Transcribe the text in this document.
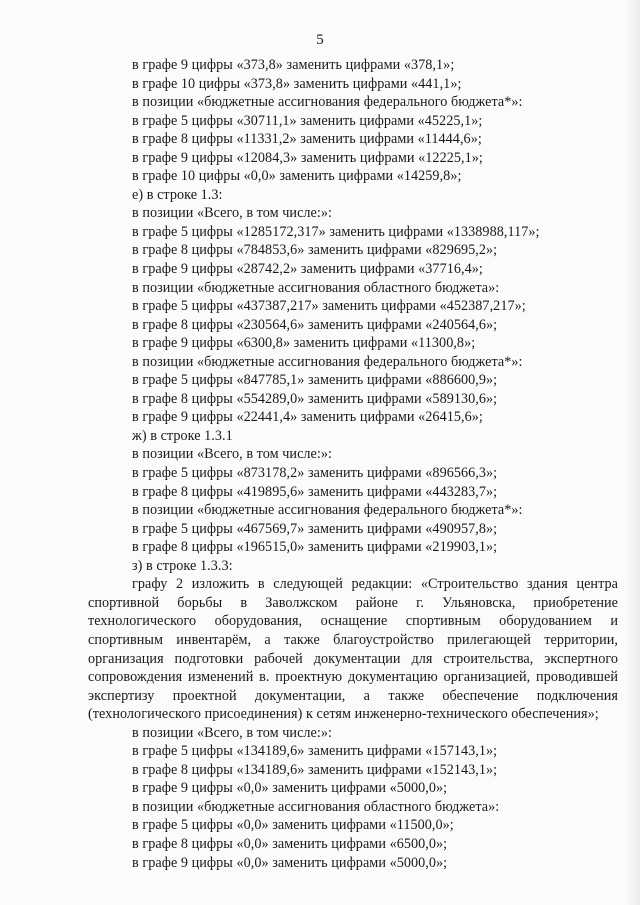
5
в графе 9 цифры «373,8» заменить цифрами «378,1»;
в графе 10 цифры «373,8» заменить цифрами «441,1»;
в позиции «бюджетные ассигнования федерального бюджета*»:
в графе 5 цифры «30711,1» заменить цифрами «45225,1»;
в графе 8 цифры «11331,2» заменить цифрами «11444,6»;
в графе 9 цифры «12084,3» заменить цифрами «12225,1»;
в графе 10 цифры «0,0» заменить цифрами «14259,8»;
е) в строке 1.3:
в позиции «Всего, в том числе:»:
в графе 5 цифры «1285172,317» заменить цифрами «1338988,117»;
в графе 8 цифры «784853,6» заменить цифрами «829695,2»;
в графе 9 цифры «28742,2» заменить цифрами «37716,4»;
в позиции «бюджетные ассигнования областного бюджета»:
в графе 5 цифры «437387,217» заменить цифрами «452387,217»;
в графе 8 цифры «230564,6» заменить цифрами «240564,6»;
в графе 9 цифры «6300,8» заменить цифрами «11300,8»;
в позиции «бюджетные ассигнования федерального бюджета*»:
в графе 5 цифры «847785,1» заменить цифрами «886600,9»;
в графе 8 цифры «554289,0» заменить цифрами «589130,6»;
в графе 9 цифры «22441,4» заменить цифрами «26415,6»;
ж) в строке 1.3.1
в позиции «Всего, в том числе:»:
в графе 5 цифры «873178,2» заменить цифрами «896566,3»;
в графе 8 цифры «419895,6» заменить цифрами «443283,7»;
в позиции «бюджетные ассигнования федерального бюджета*»:
в графе 5 цифры «467569,7» заменить цифрами «490957,8»;
в графе 8 цифры «196515,0» заменить цифрами «219903,1»;
з) в строке 1.3.3:
графу 2 изложить в следующей редакции: «Строительство здания центра спортивной борьбы в Заволжском районе г. Ульяновска, приобретение технологического оборудования, оснащение спортивным оборудованием и спортивным инвентарём, а также благоустройство прилегающей территории, организация подготовки рабочей документации для строительства, экспертного сопровождения изменений в. проектную документацию организацией, проводившей экспертизу проектной документации, а также обеспечение подключения (технологического присоединения) к сетям инженерно-технического обеспечения»;
в позиции «Всего, в том числе:»:
в графе 5 цифры «134189,6» заменить цифрами «157143,1»;
в графе 8 цифры «134189,6» заменить цифрами «152143,1»;
в графе 9 цифры «0,0» заменить цифрами «5000,0»;
в позиции «бюджетные ассигнования областного бюджета»:
в графе 5 цифры «0,0» заменить цифрами «11500,0»;
в графе 8 цифры «0,0» заменить цифрами «6500,0»;
в графе 9 цифры «0,0» заменить цифрами «5000,0»;
